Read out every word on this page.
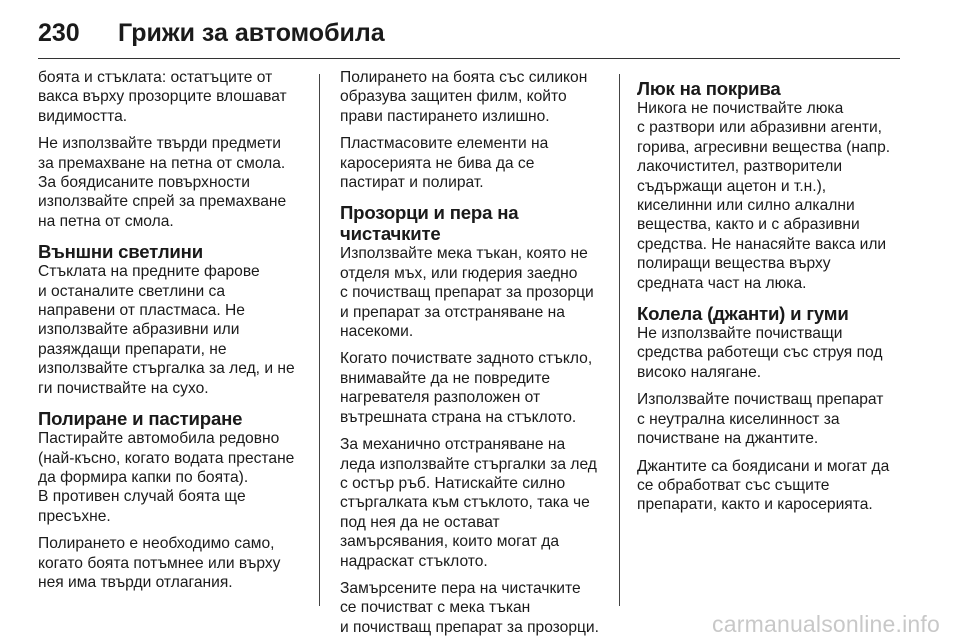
230	Грижи за автомобила

боята и стъклата: остатъците от
вакса върху прозорците влошават
видимостта.

Не използвайте твърди предмети
за премахване на петна от смола.
За боядисаните повърхности
използвайте спрей за премахване
на петна от смола.

Външни светлини

Стъклата на предните фарове
и останалите светлини са
направени от пластмаса. Не
използвайте абразивни или
разяждащи препарати, не
използвайте стъргалка за лед, и не
ги почиствайте на сухо.

Полиране и пастиране

Пастирайте автомобила редовно
(най-късно, когато водата престане
да формира капки по боята).
В противен случай боята ще
пресъхне.

Полирането е необходимо само,
когато боята потъмнее или върху
нея има твърди отлагания.

Полирането на боята със силикон
образува защитен филм, който
прави пастирането излишно.

Пластмасовите елементи на
каросерията не бива да се
пастират и полират.

Прозорци и пера на
чистачките

Използвайте мека тъкан, която не
отделя мъх, или гюдерия заедно
с почистващ препарат за прозорци
и препарат за отстраняване на
насекоми.

Когато почиствате задното стъкло,
внимавайте да не повредите
нагревателя разположен от
вътрешната страна на стъклото.

За механично отстраняване на
леда използвайте стъргалки за лед
с остър ръб. Натискайте силно
стъргалката към стъклото, така че
под нея да не остават
замърсявания, които могат да
надраскат стъклото.

Замърсените пера на чистачките
се почистват с мека тъкан
и почистващ препарат за прозорци.

Люк на покрива

Никога не почиствайте люка
с разтвори или абразивни агенти,
горива, агресивни вещества (напр.
лакочистител, разтворители
съдържащи ацетон и т.н.),
киселинни или силно алкални
вещества, както и с абразивни
средства. Не нанасяйте вакса или
полиращи вещества върху
средната част на люка.

Колела (джанти) и гуми

Не използвайте почистващи
средства работещи със струя под
високо налягане.

Използвайте почистващ препарат
с неутрална киселинност за
почистване на джантите.

Джантите са боядисани и могат да
се обработват със същите
препарати, както и каросерията.

carmanualsonline.info
